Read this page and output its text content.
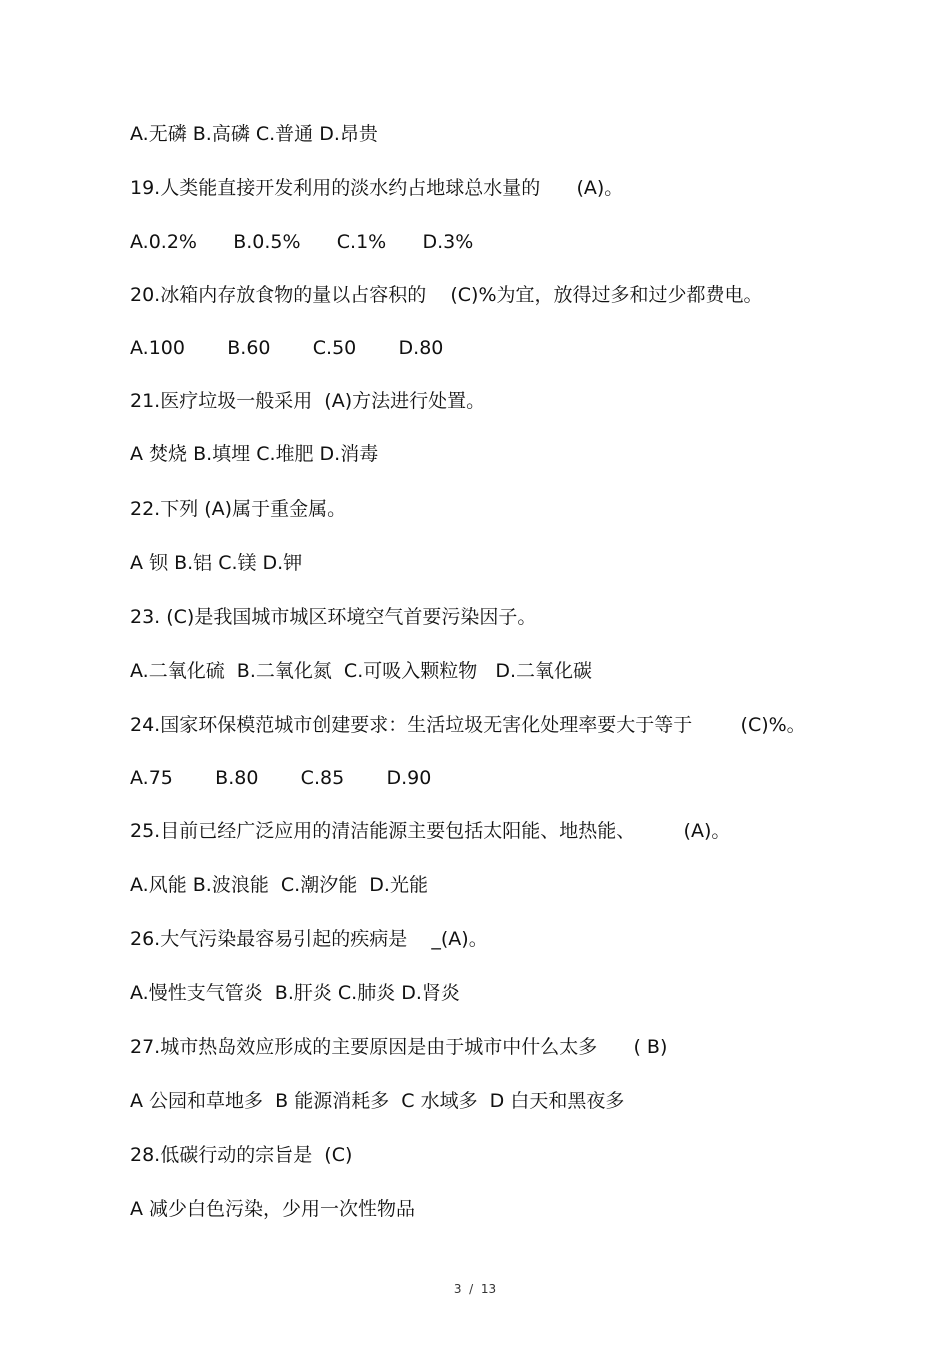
A.无磷 B.高磷 C.普通 D.昂贵

19.人类能直接开发利用的淡水约占地球总水量的      (A)。

A.0.2%      B.0.5%      C.1%      D.3%

20.冰箱内存放食物的量以占容积的    (C)%为宜，放得过多和过少都费电。

A.100       B.60       C.50       D.80

21.医疗垃圾一般采用  (A)方法进行处置。

A 焚烧 B.填埋 C.堆肥 D.消毒

22.下列 (A)属于重金属。

A 钡 B.铝 C.镁 D.钾

23. (C)是我国城市城区环境空气首要污染因子。

A.二氧化硫  B.二氧化氮  C.可吸入颗粒物   D.二氧化碳

24.国家环保模范城市创建要求：生活垃圾无害化处理率要大于等于        (C)%。

A.75       B.80       C.85       D.90

25.目前已经广泛应用的清洁能源主要包括太阳能、地热能、        (A)。

A.风能 B.波浪能  C.潮汐能  D.光能

26.大气污染最容易引起的疾病是    _(A)。

A.慢性支气管炎  B.肝炎 C.肺炎 D.肾炎

27.城市热岛效应形成的主要原因是由于城市中什么太多      ( B)

A 公园和草地多  B 能源消耗多  C 水域多  D 白天和黑夜多

28.低碳行动的宗旨是  (C)

A 减少白色污染，少用一次性物品

3  /  13
